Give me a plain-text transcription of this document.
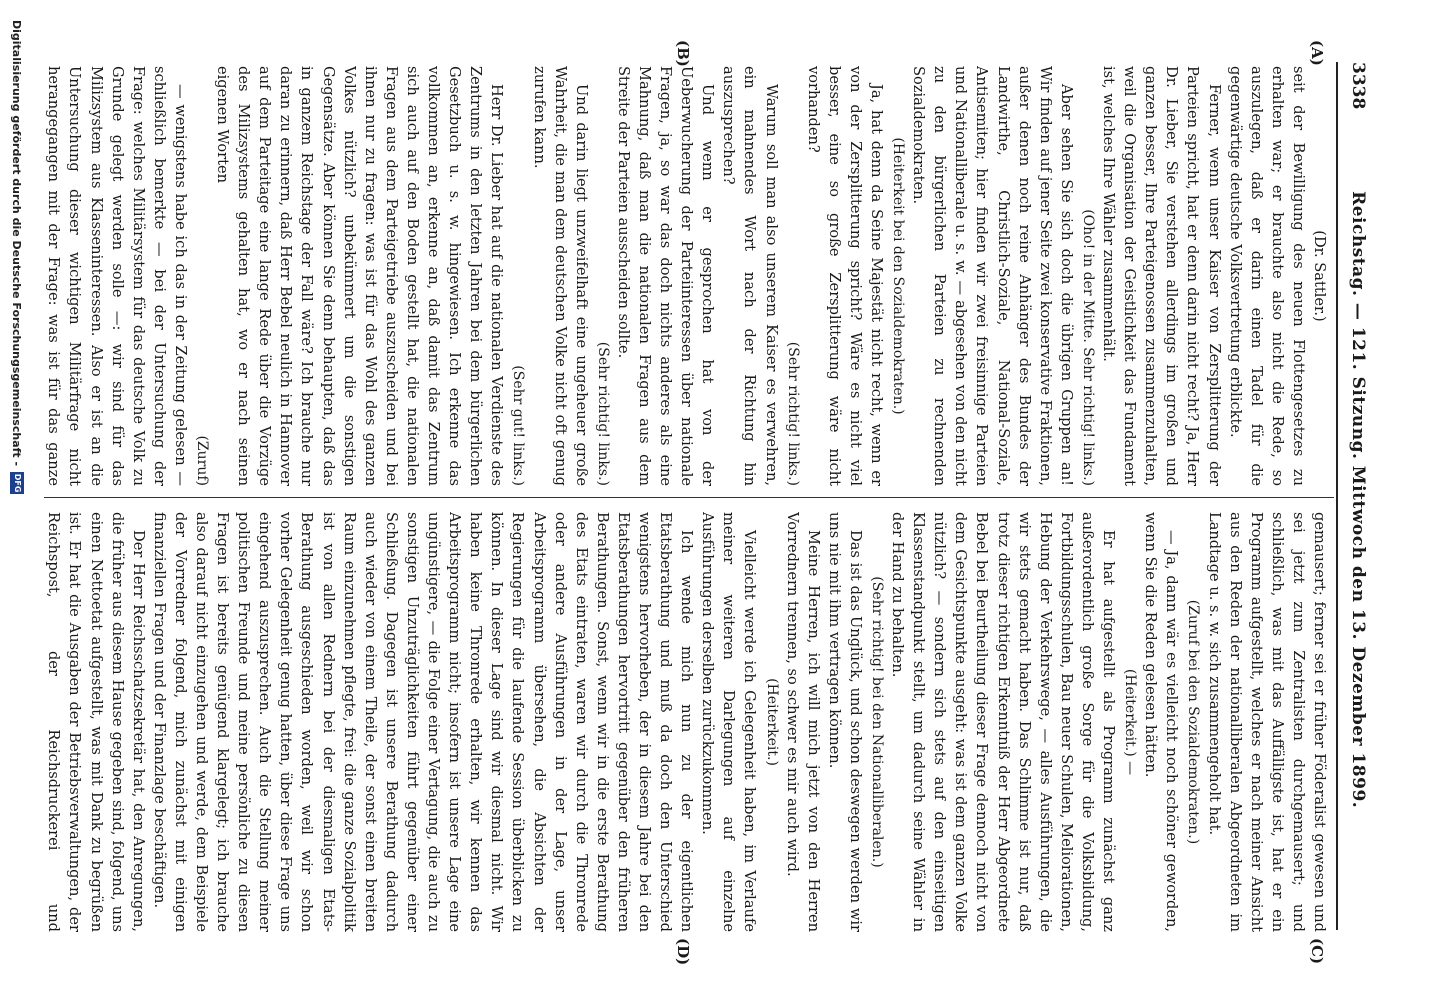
3338
Reichstag. — 121. Sitzung. Mittwoch den 13. Dezember 1899.
(A)
(B)
(C)
(D)

(Dr. Sattler.)

seit der Bewilligung des neuen Flottengesetzes zu erhalten war; er brauchte also nicht die Rede, so auszulegen, daß er darin einen Tadel für die gegenwärtige deutsche Volksvertretung erblickte.

Ferner, wenn unser Kaiser von Zersplitterung der Parteien spricht, hat er denn darin nicht recht? Ja, Herr Dr. Lieber, Sie verstehen allerdings im großen und ganzen besser, Ihre Parteigenossen zusammenzuhalten, weil die Organisation der Geistlichkeit das Fundament ist, welches Ihre Wähler zusammenhält.

(Oho! in der Mitte. Sehr richtig! links.)

Aber sehen Sie sich doch die übrigen Gruppen an! Wir finden auf jener Seite zwei konservative Fraktionen, außer denen noch reine Anhänger des Bundes der Landwirthe, Christlich-Soziale, National-Soziale, Antisemiten; hier finden wir zwei freisinnige Parteien und Nationalliberale u. s. w. — abgesehen von den nicht zu den bürgerlichen Parteien zu rechnenden Sozialdemokraten.

(Heiterkeit bei den Sozialdemokraten.)

Ja, hat denn da Seine Majestät nicht recht, wenn er von der Zersplitterung spricht? Wäre es nicht viel besser, eine so große Zersplitterung wäre nicht vorhanden?

(Sehr richtig! links.)

Warum soll man also unserem Kaiser es verwehren, ein mahnendes Wort nach der Richtung hin auszusprechen?

Und wenn er gesprochen hat von der Ueberwucherung der Parteiinteressen über nationale Fragen, ja, so war das doch nichts anderes als eine Mahnung, daß man die nationalen Fragen aus dem Streite der Parteien ausscheiden sollte.

(Sehr richtig! links.)

Und darin liegt unzweifelhaft eine ungeheuer große Wahrheit, die man dem deutschen Volke nicht oft genug zurufen kann.

(Sehr gut! links.)

Herr Dr. Lieber hat auf die nationalen Verdienste des Zentrums in den letzten Jahren bei dem bürgerlichen Gesetzbuch u. s. w. hingewiesen. Ich erkenne das vollkommen an, erkenne an, daß damit das Zentrum sich auch auf den Boden gestellt hat, die nationalen Fragen aus dem Parteigetriebe auszuscheiden und bei ihnen nur zu fragen: was ist für das Wohl des ganzen Volkes nützlich? unbekümmert um die sonstigen Gegensätze. Aber können Sie denn behaupten, daß das in ganzem Reichstage der Fall wäre? Ich brauche nur daran zu erinnern, daß Herr Bebel neulich in Hannover auf dem Parteitage eine lange Rede über die Vorzüge des Milizsystems gehalten hat, wo er nach seinen eigenen Worten

(Zuruf)

— wenigstens habe ich das in der Zeitung gelesen — schließlich bemerkte — bei der Untersuchung der Frage: welches Militärsystem für das deutsche Volk zu Grunde gelegt werden solle —: wir sind für das Milizsystem aus Klasseninteressen. Also er ist an die Untersuchung dieser wichtigen Militärfrage nicht herangegangen mit der Frage: was ist für das ganze

gemausert; ferner sei er früher Föderalist gewesen und sei jetzt zum Zentralisten durchgemausert; und schließlich, was mit das Auffälligste ist, hat er ein Programm aufgestellt, welches er nach meiner Ansicht aus den Reden der nationalliberalen Abgeordneten im Landtage u. s. w. sich zusammengeholt hat.

(Zuruf bei den Sozialdemokraten.)

— Ja, dann wär es vielleicht noch schöner geworden, wenn Sie die Reden gelesen hätten.

(Heiterkeit.) —

Er hat aufgestellt als Programm zunächst ganz außerordentlich große Sorge für die Volksbildung, Fortbildungsschulen, Bau neuer Schulen, Meliorationen, Hebung der Verkehrswege, — alles Ausführungen, die wir stets gemacht haben. Das Schlimme ist nur, daß trotz dieser richtigen Erkenntniß der Herr Abgeordnete Bebel bei Beurtheilung dieser Frage dennoch nicht von dem Gesichtspunkte ausgeht: was ist dem ganzen Volke nützlich? — sondern sich stets auf den einseitigen Klassenstandpunkt stellt, um dadurch seine Wähler in der Hand zu behalten.

(Sehr richtig! bei den Nationalliberalen.)

Das ist das Unglück, und schon deswegen werden wir uns nie mit ihm vertragen können.

Meine Herren, ich will mich jetzt von den Herren Vorrednern trennen, so schwer es mir auch wird.

(Heiterkeit.)

Vielleicht werde ich Gelegenheit haben, im Verlaufe meiner weiteren Darlegungen auf einzelne Ausführungen derselben zurückzukommen.

Ich wende mich nun zu der eigentlichen Etatsberathung und muß da doch den Unterschied wenigstens hervorheben, der in diesem Jahre bei den Etatsberathungen hervortritt gegenüber den früheren Berathungen. Sonst, wenn wir in die erste Berathung des Etats eintraten, waren wir durch die Thronrede oder andere Ausführungen in der Lage, unser Arbeitsprogramm übersehen, die Absichten der Regierungen für die laufende Session überblicken zu können. In dieser Lage sind wir diesmal nicht. Wir haben keine Thronrede erhalten, wir kennen das Arbeitsprogramm nicht; insofern ist unsere Lage eine ungünstigere, — die Folge einer Vertagung, die auch zu sonstigen Unzuträglichkeiten führt gegenüber einer Schließung. Dagegen ist unsere Berathung dadurch auch wieder von einem Theile, der sonst einen breiten Raum einzunehmen pflegte, frei: die ganze Sozialpolitik ist von allen Rednern bei der diesmaligen Etats-Berathung ausgeschieden worden, weil wir schon vorher Gelegenheit genug hatten, über diese Frage uns eingehend auszusprechen. Auch die Stellung meiner politischen Freunde und meine persönliche zu diesen Fragen ist bereits genügend klargelegt; ich brauche also darauf nicht einzugehen und werde, dem Beispiele der Vorredner folgend, mich zunächst mit einigen finanziellen Fragen und der Finanzlage beschäftigen.

Der Herr Reichsschatzsekretär hat, den Anregungen, die früher aus diesem Hause gegeben sind, folgend, uns einen Nettoetat aufgestellt, was mit Dank zu begrüßen ist. Er hat die Ausgaben der Betriebsverwaltungen, der Reichspost, der Reichsdruckerei und

Digitalisierung gefördert durch die Deutsche Forschungsgemeinschaft -
DFG
